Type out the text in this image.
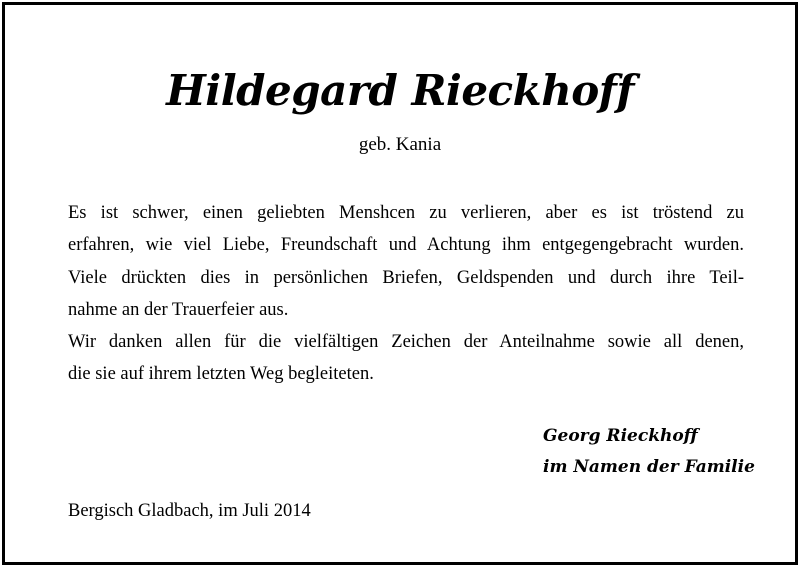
Hildegard Rieckhoff
geb. Kania

Es ist schwer, einen geliebten Menshcen zu verlieren, aber es ist tröstend zu
erfahren, wie viel Liebe, Freundschaft und Achtung ihm entgegengebracht wurden.
Viele drückten dies in persönlichen Briefen, Geldspenden und durch ihre Teil-
nahme an der Trauerfeier aus.

Wir danken allen für die vielfältigen Zeichen der Anteilnahme sowie all denen,
die sie auf ihrem letzten Weg begleiteten.

Georg Rieckhoff
im Namen der Familie
Bergisch Gladbach, im Juli 2014
